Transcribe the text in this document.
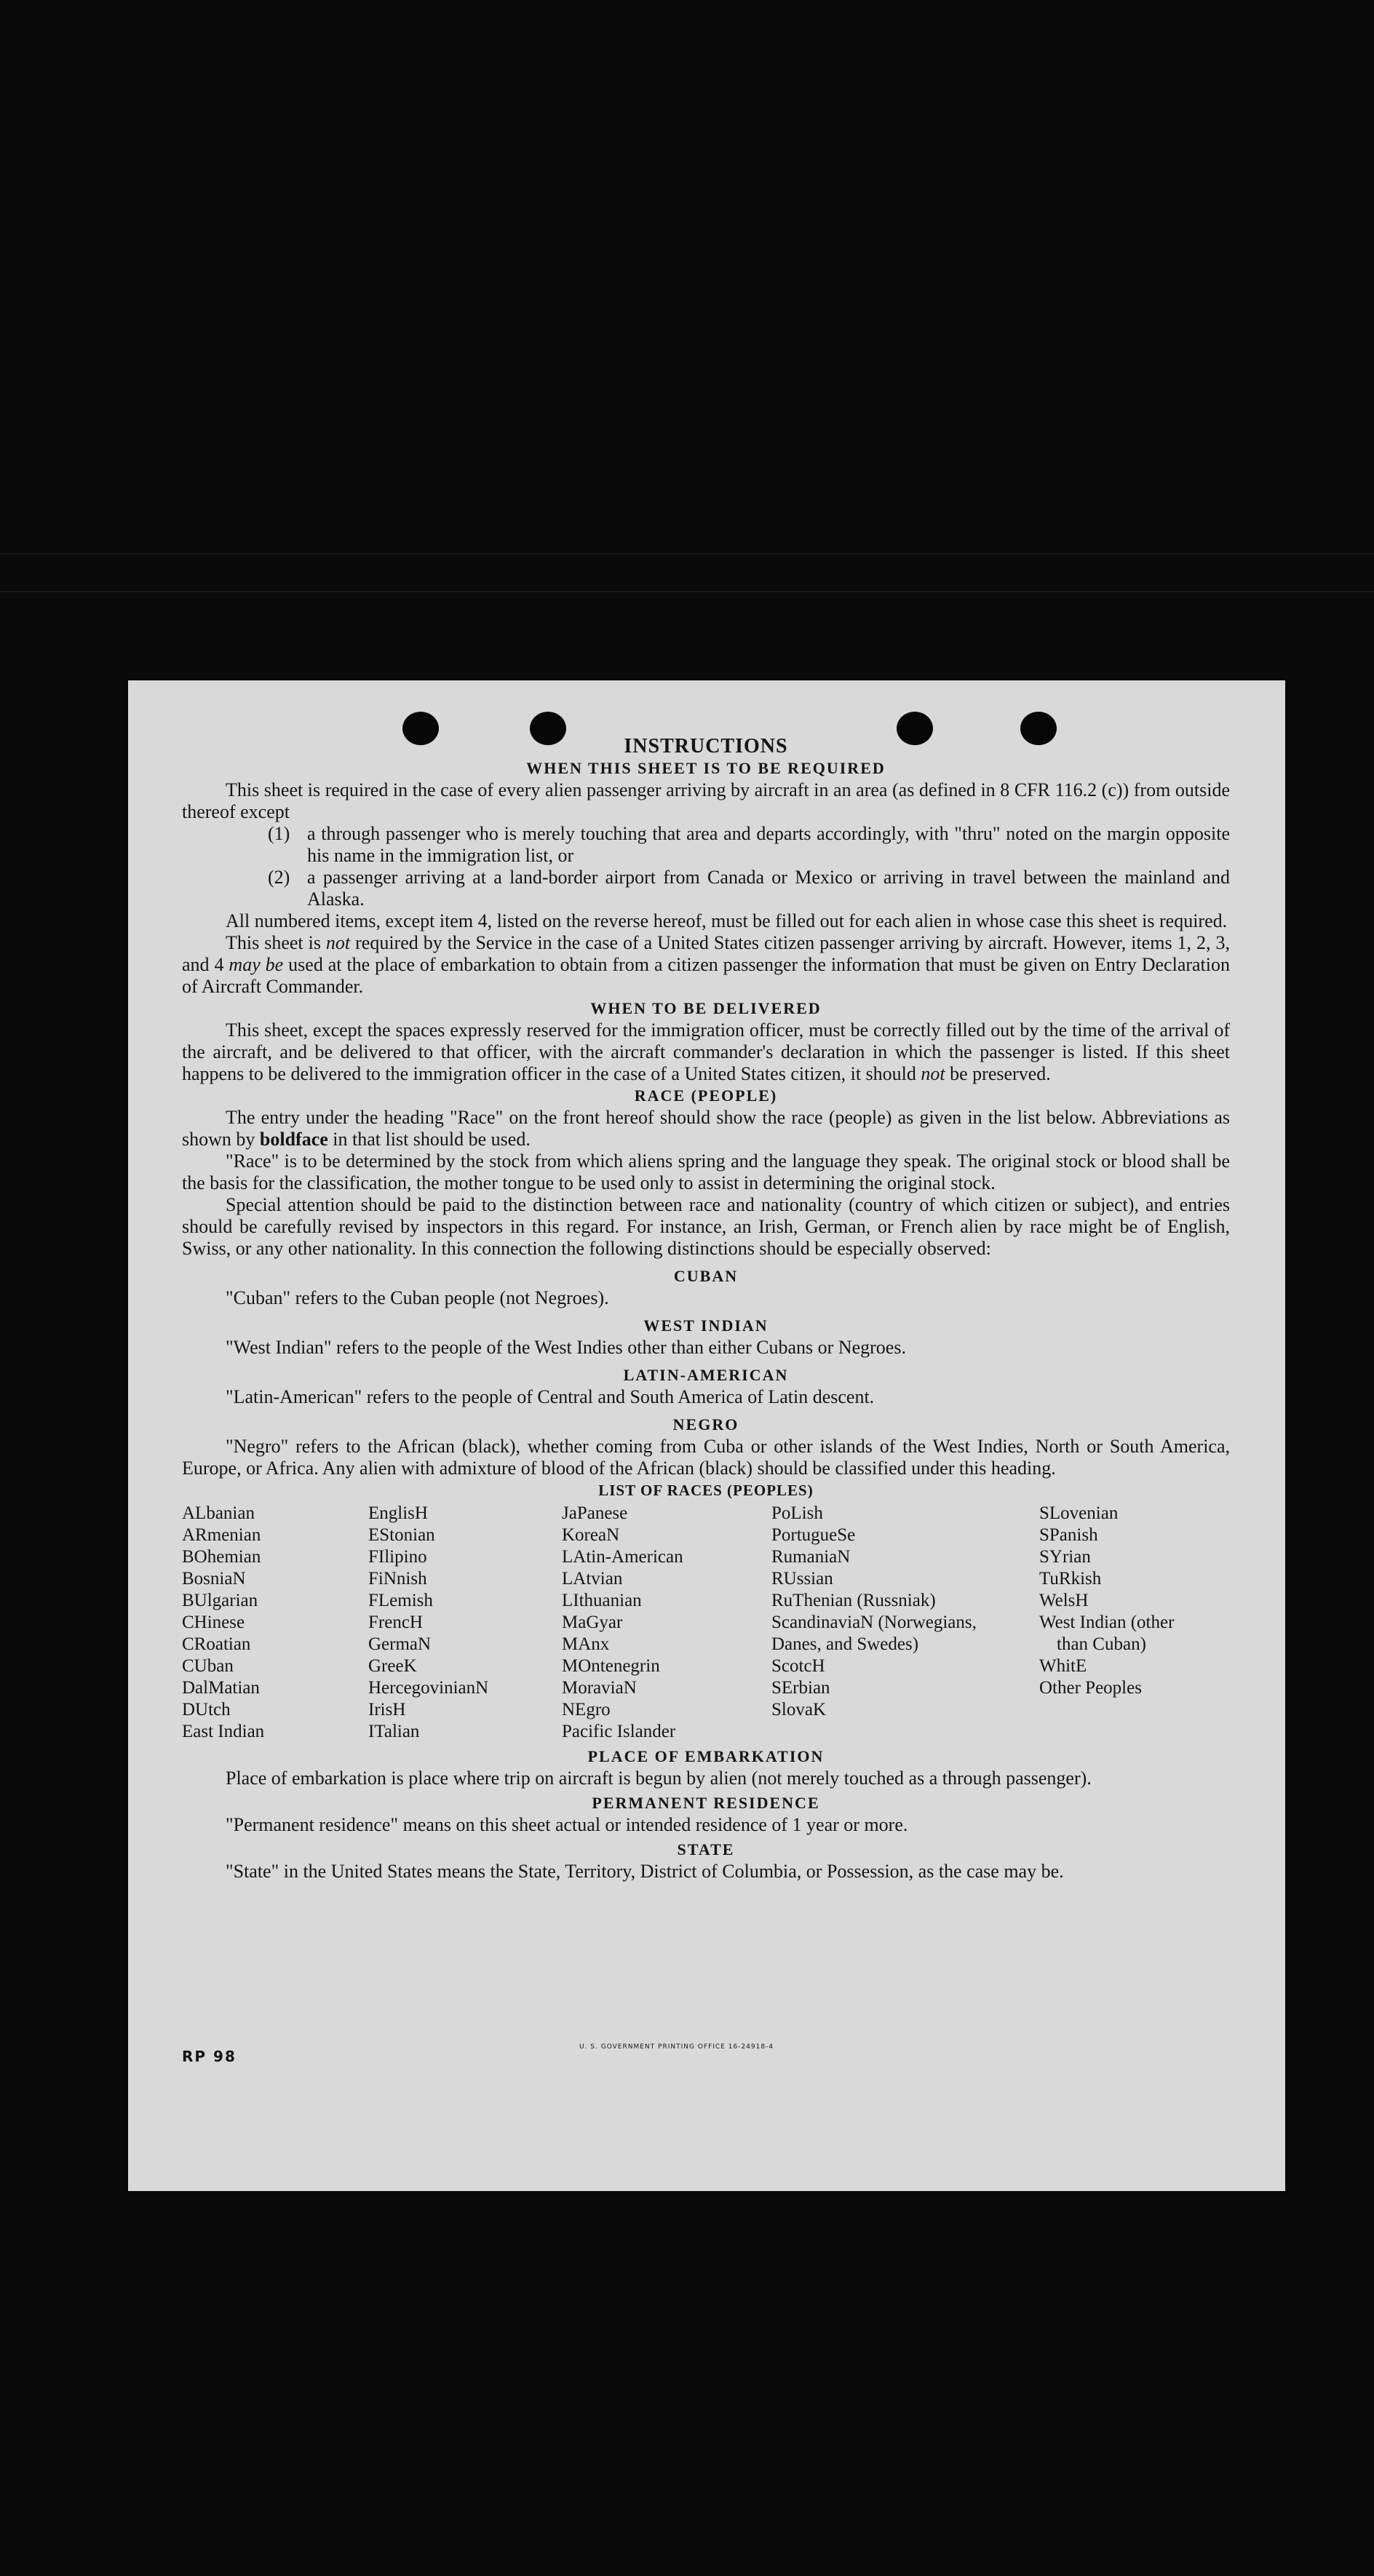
INSTRUCTIONS
WHEN THIS SHEET IS TO BE REQUIRED

This sheet is required in the case of every alien passenger arriving by aircraft in an area (as defined in 8 CFR 116.2 (c)) from outside thereof except

(1) a through passenger who is merely touching that area and departs accordingly, with "thru" noted on the margin opposite his name in the immigration list, or
(2) a passenger arriving at a land-border airport from Canada or Mexico or arriving in travel between the mainland and Alaska.

All numbered items, except item 4, listed on the reverse hereof, must be filled out for each alien in whose case this sheet is required.

This sheet is not required by the Service in the case of a United States citizen passenger arriving by aircraft. However, items 1, 2, 3, and 4 may be used at the place of embarkation to obtain from a citizen passenger the information that must be given on Entry Declaration of Aircraft Commander.

WHEN TO BE DELIVERED

This sheet, except the spaces expressly reserved for the immigration officer, must be correctly filled out by the time of the arrival of the aircraft, and be delivered to that officer, with the aircraft commander's declaration in which the passenger is listed. If this sheet happens to be delivered to the immigration officer in the case of a United States citizen, it should not be preserved.

RACE (PEOPLE)

The entry under the heading "Race" on the front hereof should show the race (people) as given in the list below. Abbreviations as shown by boldface in that list should be used.

"Race" is to be determined by the stock from which aliens spring and the language they speak. The original stock or blood shall be the basis for the classification, the mother tongue to be used only to assist in determining the original stock.

Special attention should be paid to the distinction between race and nationality (country of which citizen or subject), and entries should be carefully revised by inspectors in this regard. For instance, an Irish, German, or French alien by race might be of English, Swiss, or any other nationality. In this connection the following distinctions should be especially observed:

CUBAN

"Cuban" refers to the Cuban people (not Negroes).

WEST INDIAN

"West Indian" refers to the people of the West Indies other than either Cubans or Negroes.

LATIN-AMERICAN

"Latin-American" refers to the people of Central and South America of Latin descent.

NEGRO

"Negro" refers to the African (black), whether coming from Cuba or other islands of the West Indies, North or South America, Europe, or Africa. Any alien with admixture of blood of the African (black) should be classified under this heading.

LIST OF RACES (PEOPLES)
ALbanian
ARmenian
BOhemian
BosniaN
BUlgarian
CHinese
CRoatian
CUban
DalMatian
DUtch
East Indian
EnglisH
EStonian
FIlipino
FiNnish
FLemish
FrencH
GermaN
GreeK
HercegovinianN
IrisH
ITalian
JaPanese
KoreaN
LAtin-American
LAtvian
LIthuanian
MaGyar
MAnx
MOntenegrin
MoraviaN
NEgro
Pacific Islander
PoLish
PortugueSe
RumaniaN
RUssian
RuThenian (Russniak)
ScandinaviaN (Norwegians, Danes, and Swedes)
ScotcH
SErbian
SlovaK
SLovenian
SPanish
SYrian
TuRkish
WelsH
West Indian (other
than Cuban)
WhitE
Other Peoples
PLACE OF EMBARKATION

Place of embarkation is place where trip on aircraft is begun by alien (not merely touched as a through passenger).

PERMANENT RESIDENCE

"Permanent residence" means on this sheet actual or intended residence of 1 year or more.

STATE

"State" in the United States means the State, Territory, District of Columbia, or Possession, as the case may be.

RP 98
U. S. GOVERNMENT PRINTING OFFICE 16-24918-4
